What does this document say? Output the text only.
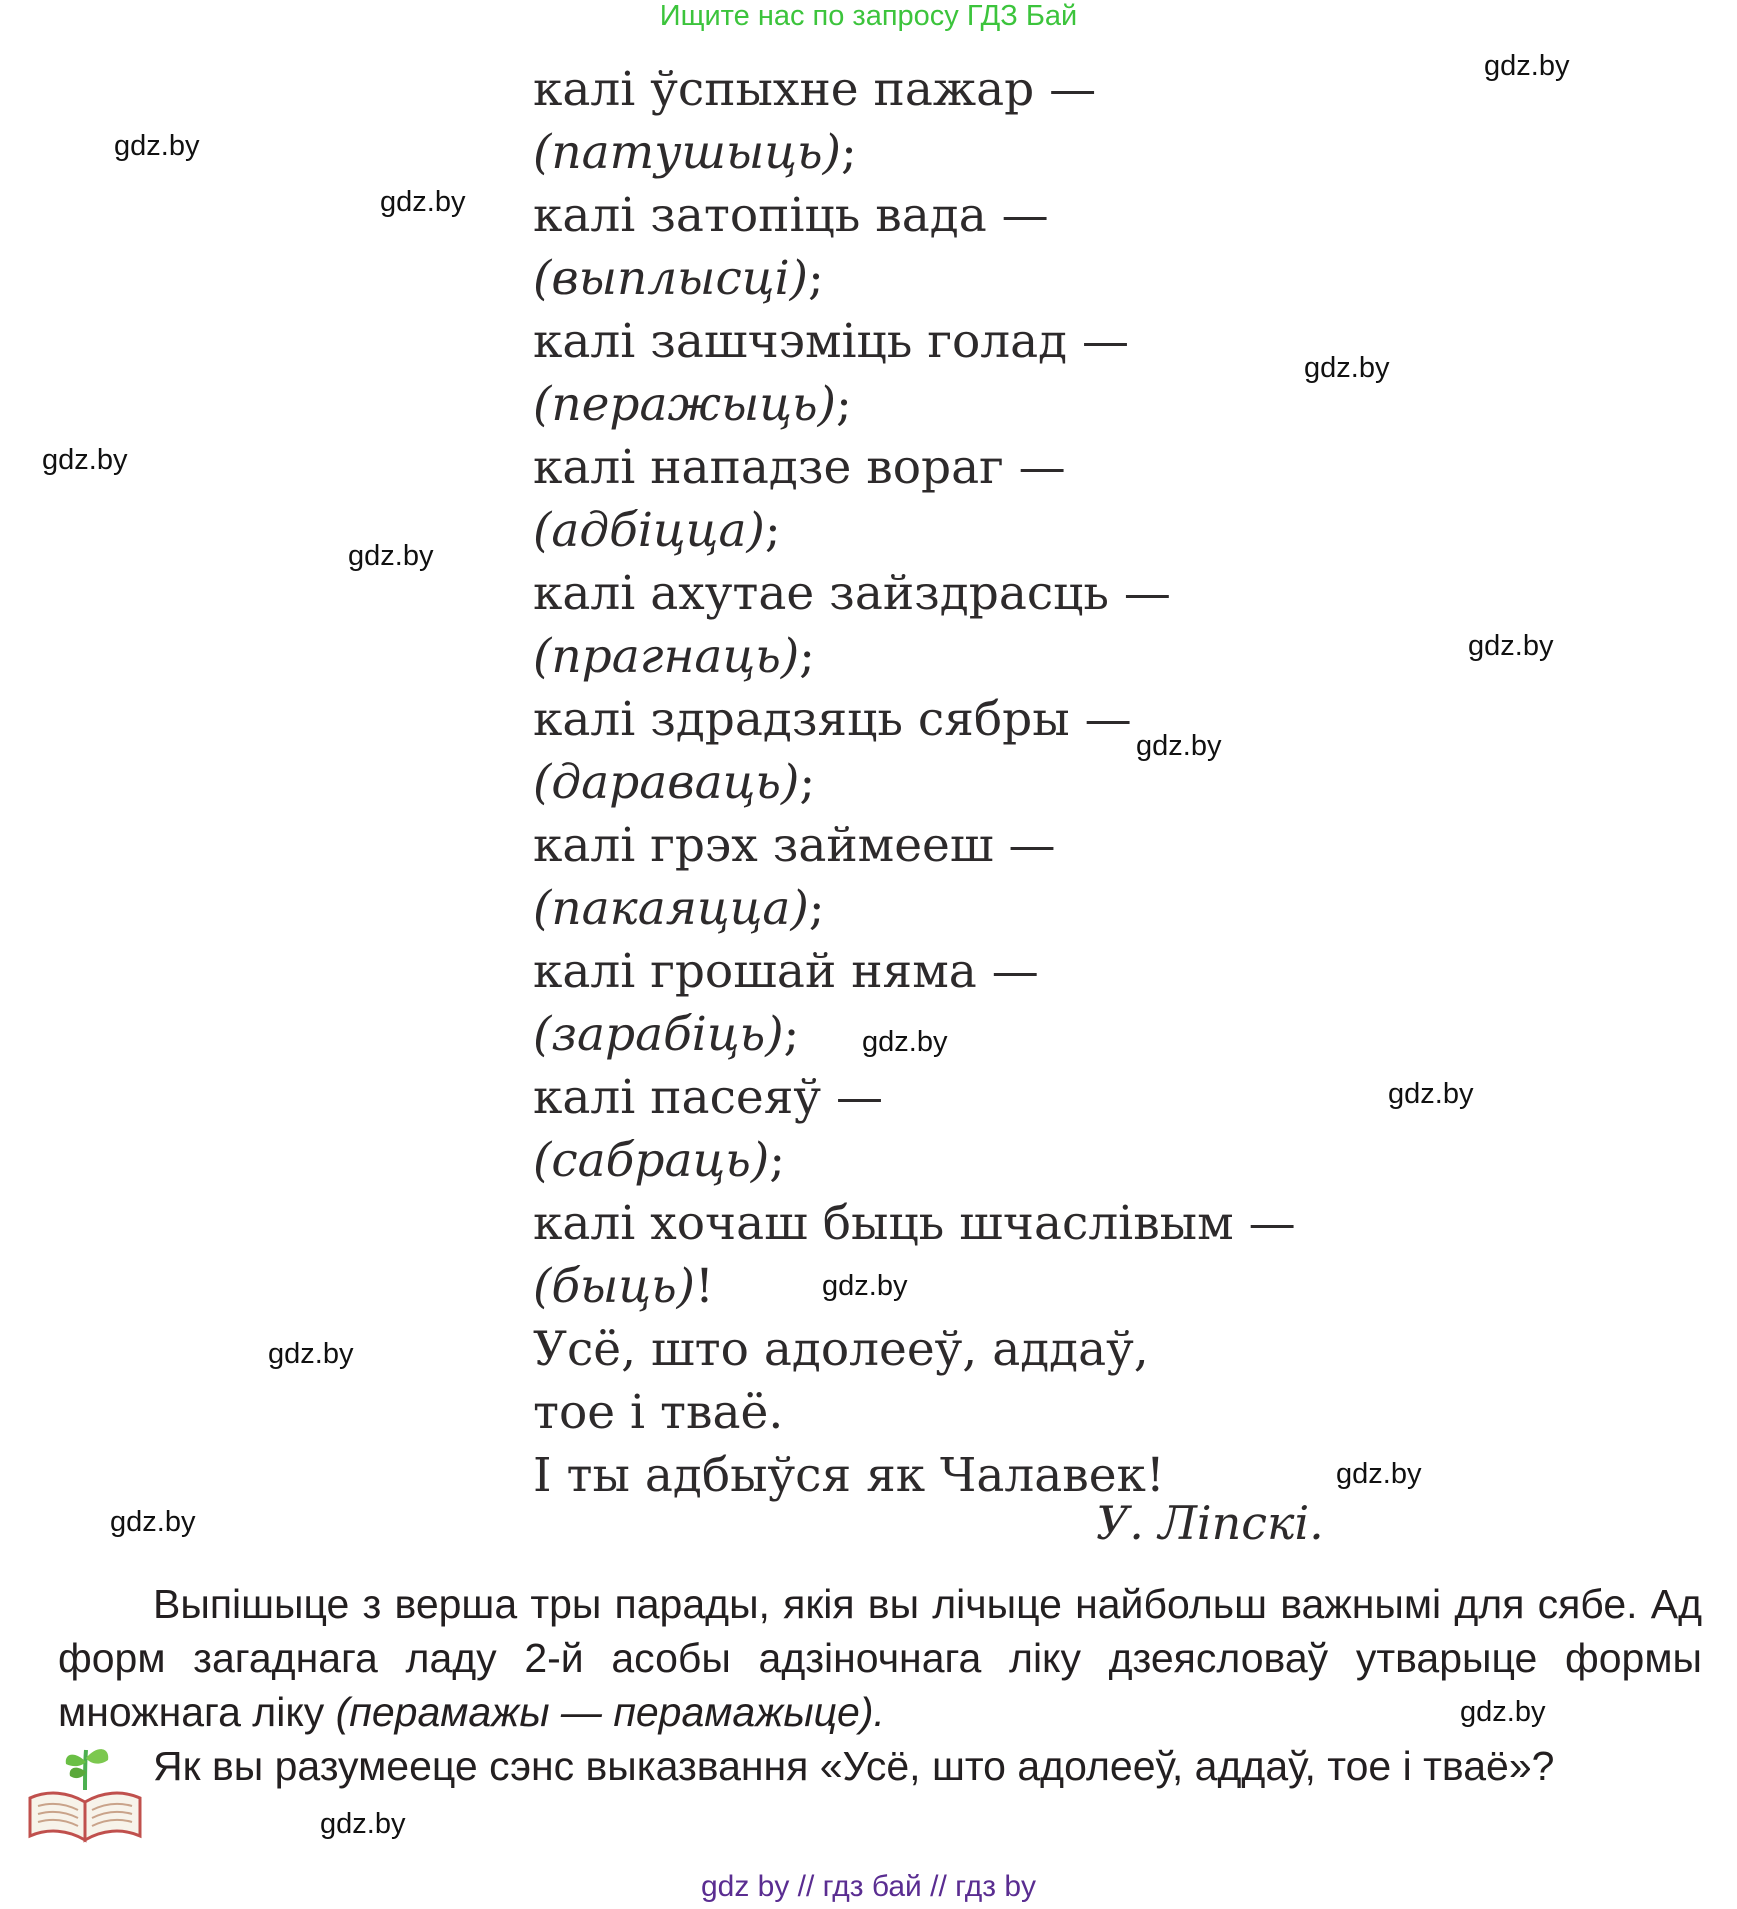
Ищите нас по запросу ГДЗ Бай
калі ўспыхне пажар —
(патушыць);
калі затопіць вада —
(выплысці);
калі зашчэміць голад —
(перажыць);
калі нападзе вораг —
(адбіцца);
калі ахутае зайздрасць —
(прагнаць);
калі здрадзяць сябры —
(дараваць);
калі грэх займееш —
(пакаяцца);
калі грошай няма —
(зарабіць);
калі пасеяў —
(сабраць);
калі хочаш быць шчаслівым —
(быць)!
Усё, што адолееў, аддаў,
тое і тваё.
І ты адбыўся як Чалавек!
У. Ліпскі.

Выпішыце з верша тры парады, якія вы лічыце найбольш важнымі для сябе. Ад форм загаднага ладу 2-й асобы адзіночнага ліку дзеясловаў утварыце формы множнага ліку (перамажы — перамажыце).

Як вы разумееце сэнс выказвання «Усё, што адолееў, аддаў, тое і тваё»?

gdz.by
gdz.by
gdz.by
gdz.by
gdz.by
gdz.by
gdz.by
gdz.by
gdz.by
gdz.by
gdz.by
gdz.by
gdz.by
gdz.by
gdz.by
gdz.by
gdz by // гдз бай // гдз by
